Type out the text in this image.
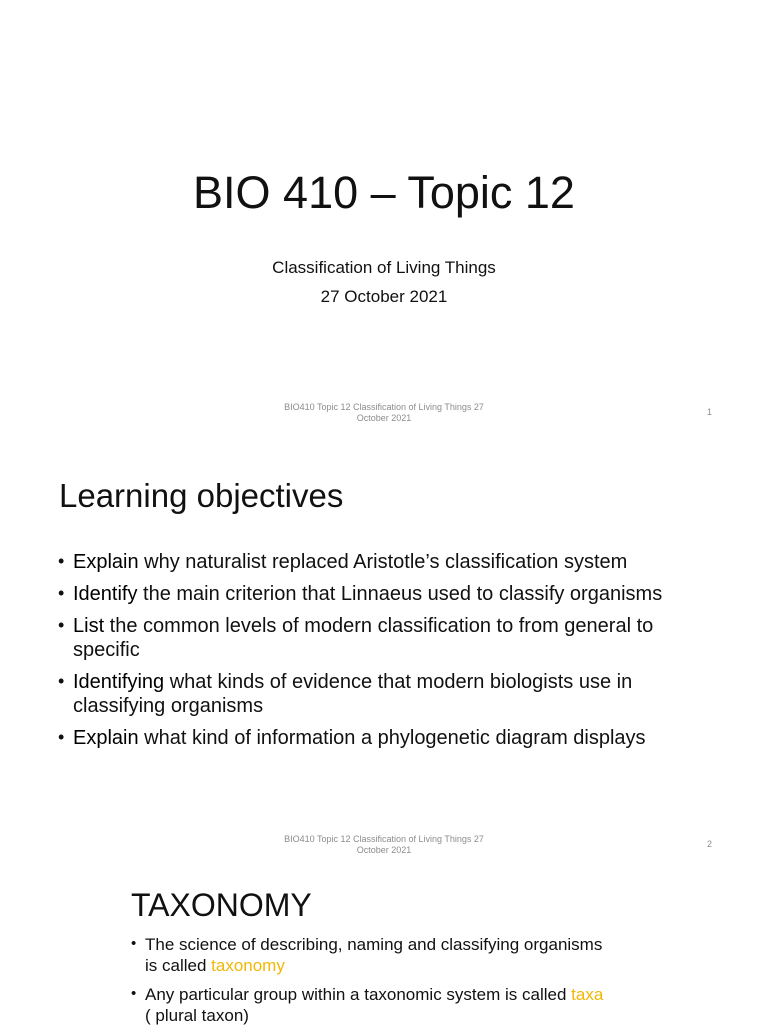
BIO 410 – Topic 12
Classification of Living Things
27 October 2021
BIO410 Topic 12 Classification of Living Things 27
October 2021
1
Learning objectives
• Explain why naturalist replaced Aristotle’s classification system
• Identify the main criterion that Linnaeus used to classify organisms
• List the common levels of modern classification to from general to specific
• Identifying what kinds of evidence that modern biologists use in classifying organisms
• Explain what kind of information a phylogenetic diagram displays
BIO410 Topic 12 Classification of Living Things 27
October 2021
2
TAXONOMY
• The science of describing, naming and classifying organisms is called taxonomy
• Any particular group within a taxonomic system is called taxa ( plural taxon)
